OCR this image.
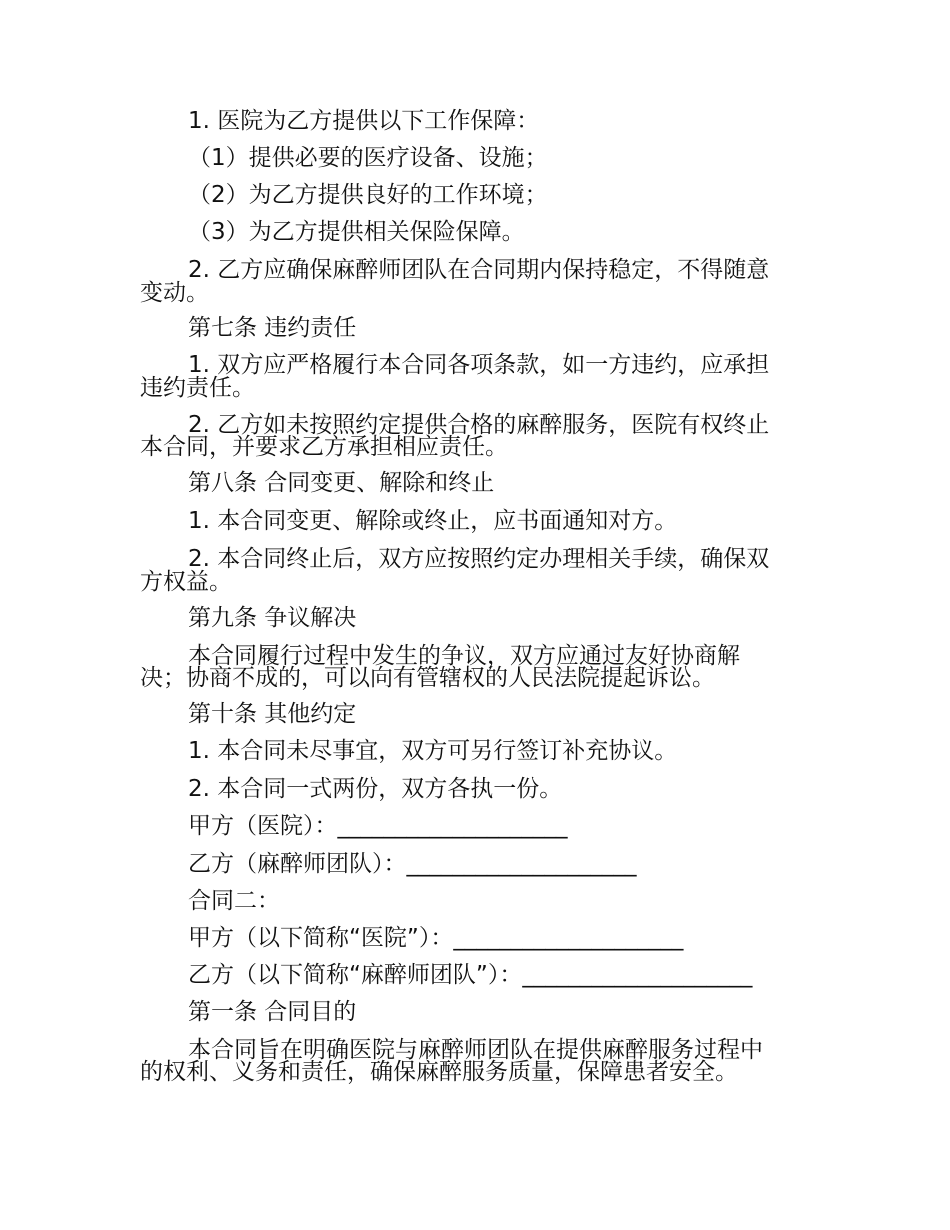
1. 医院为乙方提供以下工作保障：
（1）提供必要的医疗设备、设施；
（2）为乙方提供良好的工作环境；
（3）为乙方提供相关保险保障。
2. 乙方应确保麻醉师团队在合同期内保持稳定，不得随意
变动。
第七条 违约责任
1. 双方应严格履行本合同各项条款，如一方违约，应承担
违约责任。
2. 乙方如未按照约定提供合格的麻醉服务，医院有权终止
本合同，并要求乙方承担相应责任。
第八条 合同变更、解除和终止
1. 本合同变更、解除或终止，应书面通知对方。
2. 本合同终止后，双方应按照约定办理相关手续，确保双
方权益。
第九条 争议解决
本合同履行过程中发生的争议，双方应通过友好协商解
决；协商不成的，可以向有管辖权的人民法院提起诉讼。
第十条 其他约定
1. 本合同未尽事宜，双方可另行签订补充协议。
2. 本合同一式两份，双方各执一份。
甲方（医院）：____________________
乙方（麻醉师团队）：____________________
合同二：
甲方（以下简称“医院”）：____________________
乙方（以下简称“麻醉师团队”）：____________________
第一条 合同目的
本合同旨在明确医院与麻醉师团队在提供麻醉服务过程中
的权利、义务和责任，确保麻醉服务质量，保障患者安全。
